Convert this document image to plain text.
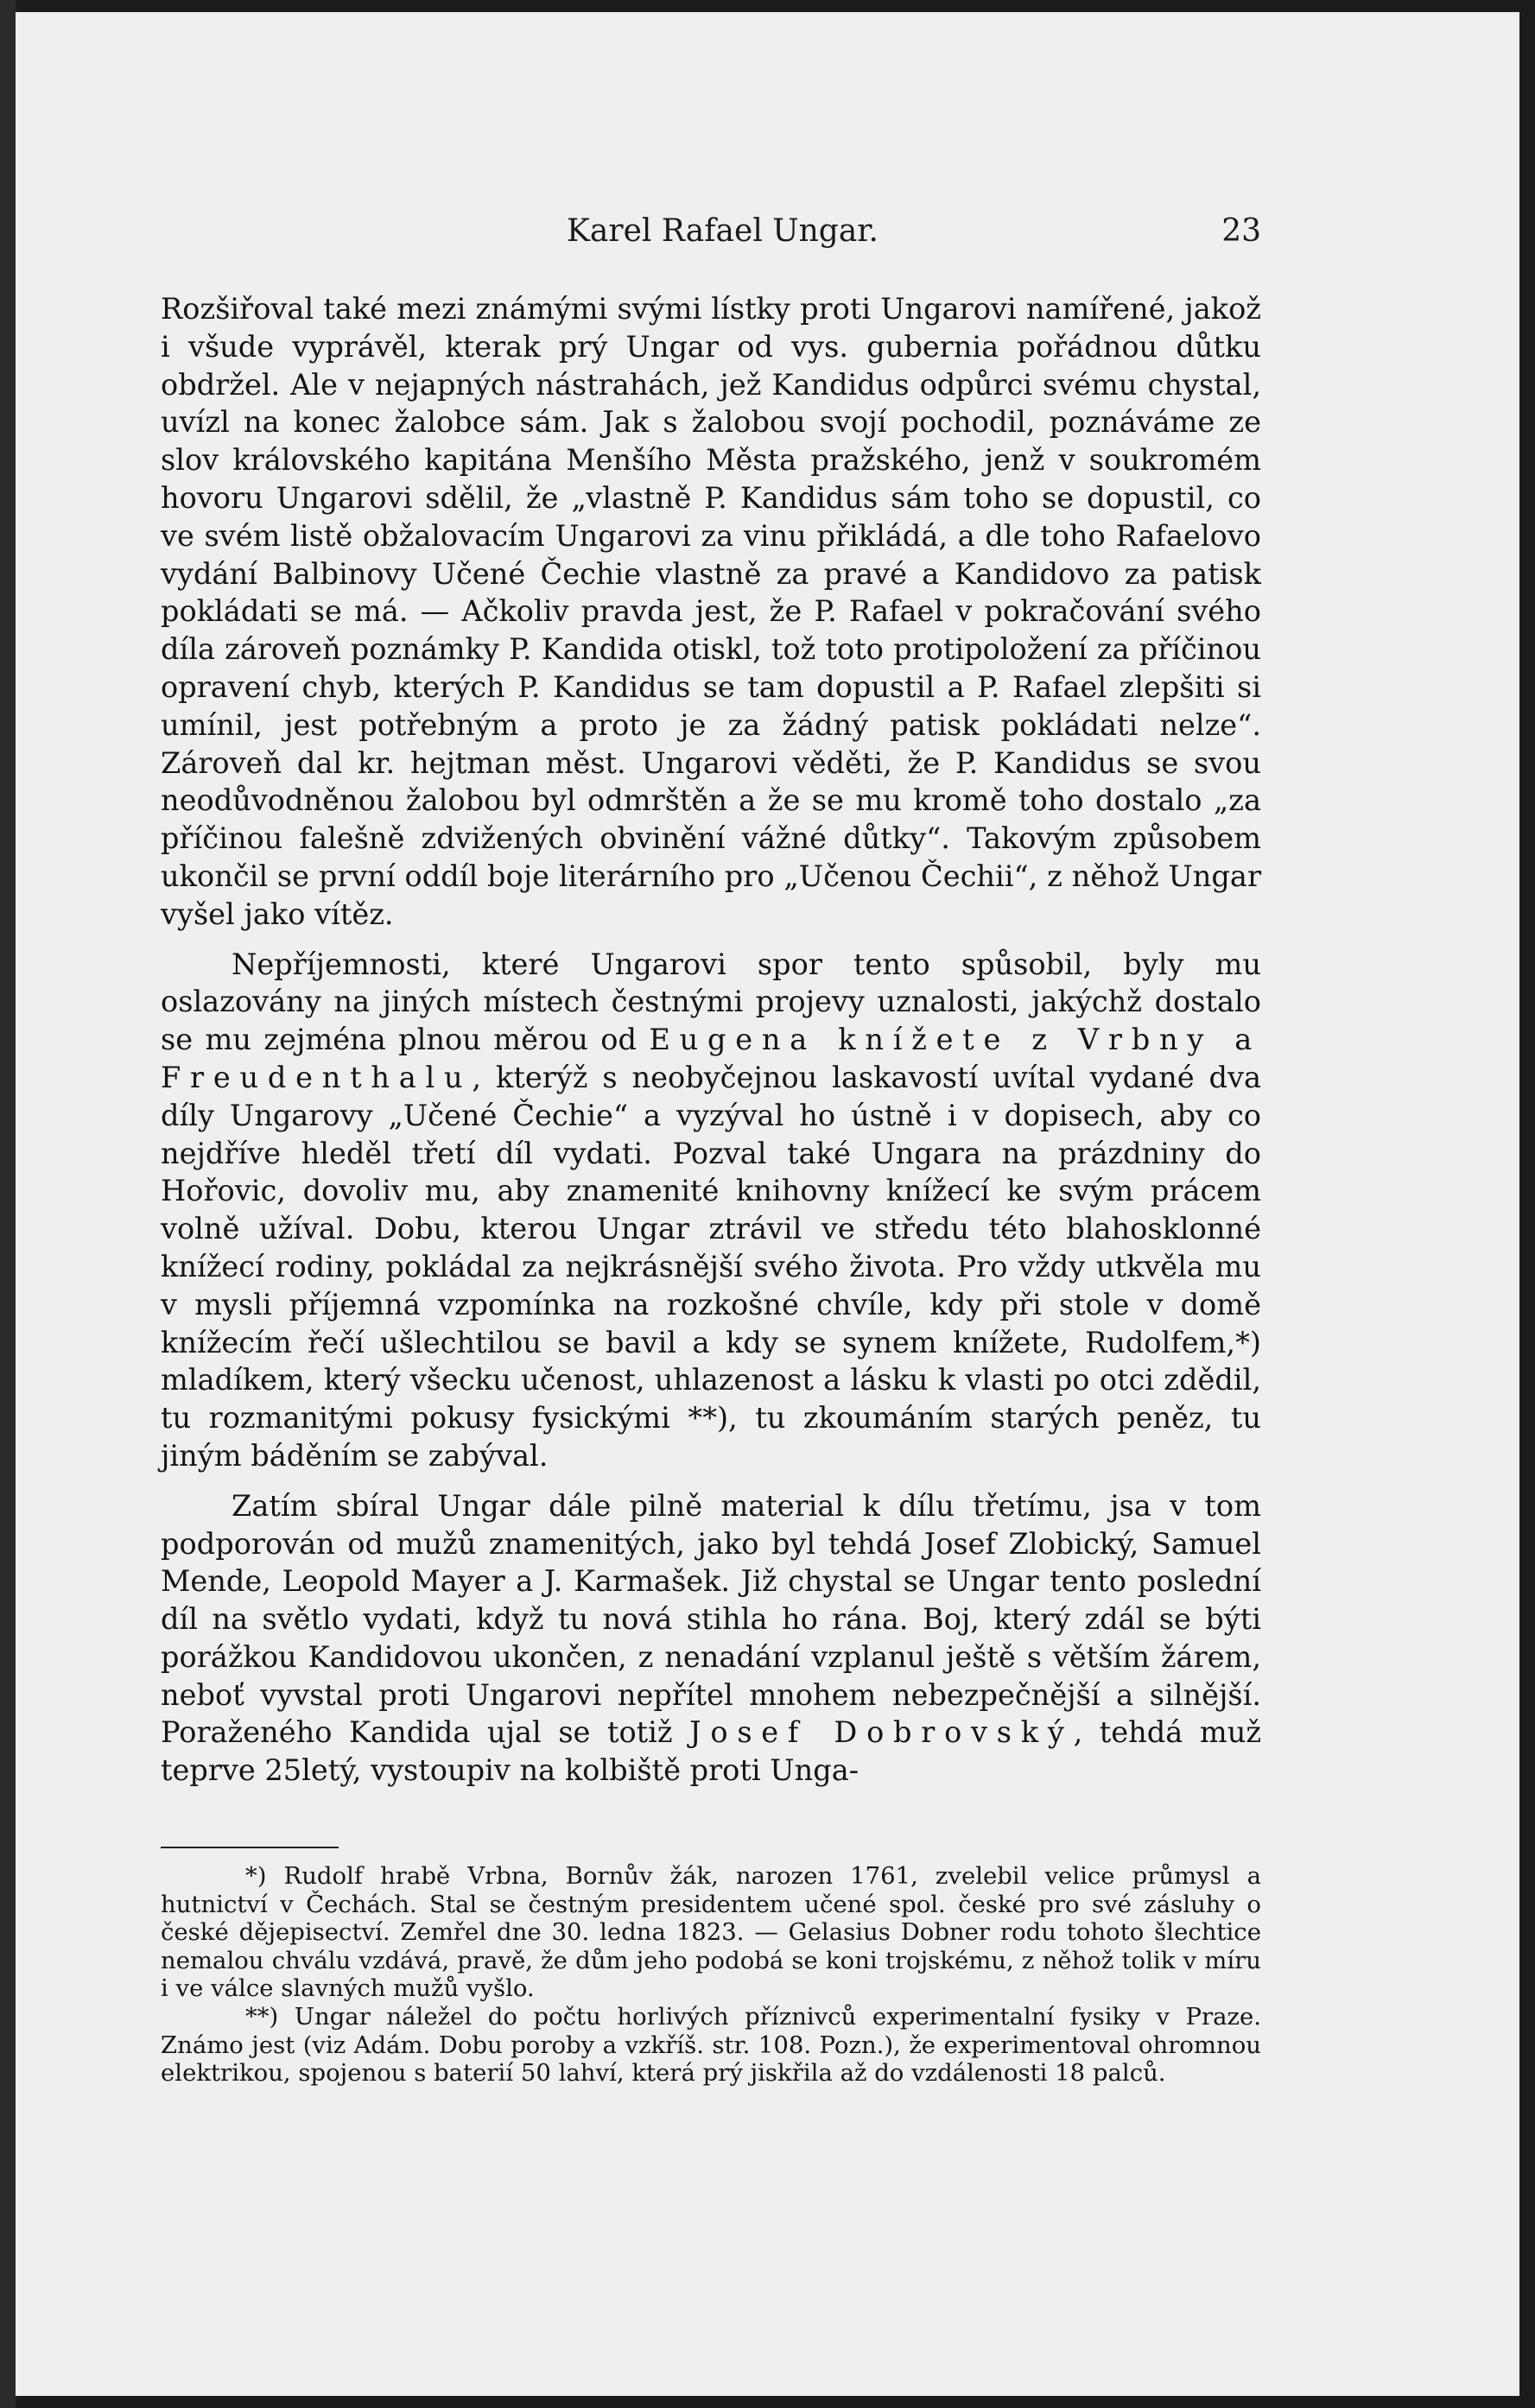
Karel Rafael Ungar.	23

Rozšiřoval také mezi známými svými lístky proti Ungarovi namířené, jakož i všude vyprávěl, kterak prý Ungar od vys. gubernia pořádnou důtku obdržel. Ale v nejapných nástrahách, jež Kandidus odpůrci svému chystal, uvízl na konec žalobce sám. Jak s žalobou svojí pochodil, poznáváme ze slov královského kapitána Menšího Města pražského, jenž v soukromém hovoru Ungarovi sdělil, že „vlastně P. Kandidus sám toho se dopustil, co ve svém listě obžalovacím Ungarovi za vinu přikládá, a dle toho Rafaelovo vydání Balbinovy Učené Čechie vlastně za pravé a Kandidovo za patisk pokládati se má. — Ačkoliv pravda jest, že P. Rafael v pokračování svého díla zároveň poznámky P. Kandida otiskl, tož toto protipoložení za příčinou opravení chyb, kterých P. Kandidus se tam dopustil a P. Rafael zlepšiti si umínil, jest potřebným a proto je za žádný patisk pokládati nelze“. Zároveň dal kr. hejtman měst. Ungarovi věděti, že P. Kandidus se svou neodůvodněnou žalobou byl odmrštěn a že se mu kromě toho dostalo „za příčinou falešně zdvižených obvinění vážné důtky“. Takovým způsobem ukončil se první oddíl boje literárního pro „Učenou Čechii“, z něhož Ungar vyšel jako vítěz.

Nepříjemnosti, které Ungarovi spor tento spůsobil, byly mu oslazovány na jiných místech čestnými projevy uznalosti, jakýchž dostalo se mu zejména plnou měrou od Eugena knížete z Vrbny a Freudenthalu, kterýž s neobyčejnou laskavostí uvítal vydané dva díly Ungarovy „Učené Čechie“ a vyzýval ho ústně i v dopisech, aby co nejdříve hleděl třetí díl vydati. Pozval také Ungara na prázdniny do Hořovic, dovoliv mu, aby znamenité knihovny knížecí ke svým prácem volně užíval. Dobu, kterou Ungar ztrávil ve středu této blahosklonné knížecí rodiny, pokládal za nejkrásnější svého života. Pro vždy utkvěla mu v mysli příjemná vzpomínka na rozkošné chvíle, kdy při stole v domě knížecím řečí ušlechtilou se bavil a kdy se synem knížete, Rudolfem,*) mladíkem, který všecku učenost, uhlazenost a lásku k vlasti po otci zdědil, tu rozmanitými pokusy fysickými **), tu zkoumáním starých peněz, tu jiným báděním se zabýval.

Zatím sbíral Ungar dále pilně material k dílu třetímu, jsa v tom podporován od mužů znamenitých, jako byl tehdá Josef Zlobický, Samuel Mende, Leopold Mayer a J. Karmašek. Již chystal se Ungar tento poslední díl na světlo vydati, když tu nová stihla ho rána. Boj, který zdál se býti porážkou Kandidovou ukončen, z nenadání vzplanul ještě s větším žárem, neboť vyvstal proti Ungarovi nepřítel mnohem nebezpečnější a silnější. Poraženého Kandida ujal se totiž Josef Dobrovský, tehdá muž teprve 25letý, vystoupiv na kolbiště proti Unga-

*) Rudolf hrabě Vrbna, Bornův žák, narozen 1761, zvelebil velice průmysl a hutnictví v Čechách. Stal se čestným presidentem učené spol. české pro své zásluhy o české dějepisectví. Zemřel dne 30. ledna 1823. — Gelasius Dobner rodu tohoto šlechtice nemalou chválu vzdává, pravě, že dům jeho podobá se koni trojskému, z něhož tolik v míru i ve válce slavných mužů vyšlo.

**) Ungar náležel do počtu horlivých příznivců experimentalní fysiky v Praze. Známo jest (viz Adám. Dobu poroby a vzkříš. str. 108. Pozn.), že experimentoval ohromnou elektrikou, spojenou s baterií 50 lahví, která prý jiskřila až do vzdálenosti 18 palců.
